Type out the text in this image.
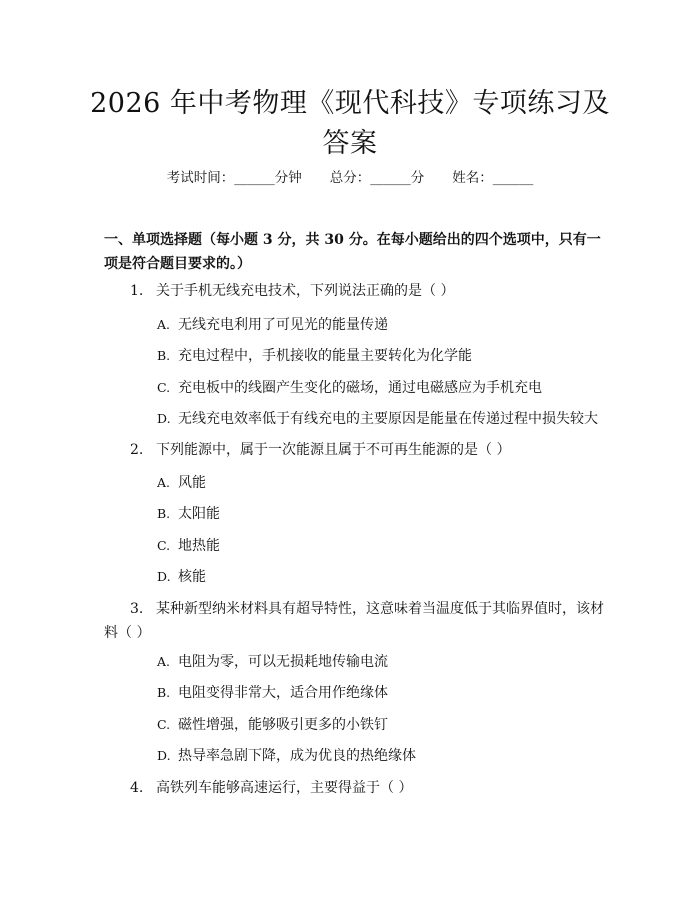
2026 年中考物理《现代科技》专项练习及答案
考试时间：______分钟 总分：______分 姓名：______

一、单项选择题（每小题 3 分，共 30 分。在每小题给出的四个选项中，只有一项是符合题目要求的。）

1. 关于手机无线充电技术，下列说法正确的是（ ）

A. 无线充电利用了可见光的能量传递

B. 充电过程中，手机接收的能量主要转化为化学能

C. 充电板中的线圈产生变化的磁场，通过电磁感应为手机充电

D. 无线充电效率低于有线充电的主要原因是能量在传递过程中损失较大

2. 下列能源中，属于一次能源且属于不可再生能源的是（ ）

A. 风能

B. 太阳能

C. 地热能

D. 核能

3. 某种新型纳米材料具有超导特性，这意味着当温度低于其临界值时，该材料（ ）

A. 电阻为零，可以无损耗地传输电流

B. 电阻变得非常大，适合用作绝缘体

C. 磁性增强，能够吸引更多的小铁钉

D. 热导率急剧下降，成为优良的热绝缘体

4. 高铁列车能够高速运行，主要得益于（ ）
